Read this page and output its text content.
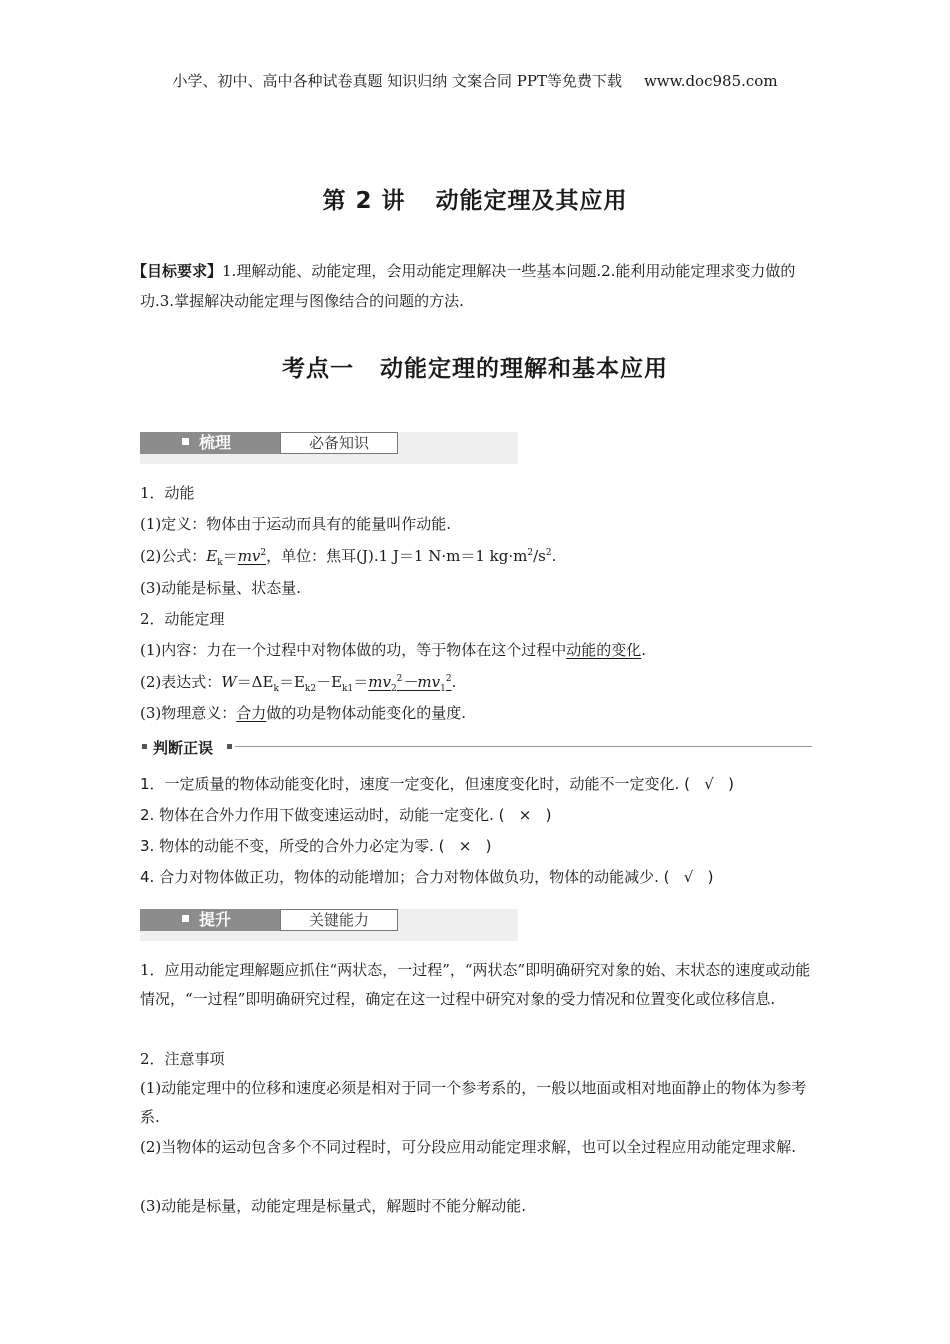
小学、初中、高中各种试卷真题 知识归纳 文案合同 PPT等免费下载 www.doc985.com
第 2 讲 动能定理及其应用
【目标要求】1.理解动能、动能定理，会用动能定理解决一些基本问题.2.能利用动能定理求变力做的功.3.掌握解决动能定理与图像结合的问题的方法.
考点一 动能定理的理解和基本应用
梳理	必备知识
1．动能
(1)定义：物体由于运动而具有的能量叫作动能.
(2)公式：$E_k=mv^2$，单位：焦耳(J).1 J＝1 N·m＝1 $kg\cdot m^2/s^2$.
(3)动能是标量、状态量.
2．动能定理
(1)内容：力在一个过程中对物体做的功，等于物体在这个过程中动能的变化.
(2)表达式：$W=\Delta E_k=E_{k2}-E_{k1}=mv_2^2-mv_1^2$.
(3)物理意义：合力做的功是物体动能变化的量度.
判断正误
1．一定质量的物体动能变化时，速度一定变化，但速度变化时，动能不一定变化. (   √   )
2. 物体在合外力作用下做变速运动时，动能一定变化. (   ×   )
3. 物体的动能不变，所受的合外力必定为零. (   ×   )
4. 合力对物体做正功，物体的动能增加；合力对物体做负功，物体的动能减少. (   √   )
提升	关键能力
1．应用动能定理解题应抓住“两状态，一过程”，“两状态”即明确研究对象的始、末状态的速度或动能情况，“一过程”即明确研究过程，确定在这一过程中研究对象的受力情况和位置变化或位移信息.
2．注意事项
(1)动能定理中的位移和速度必须是相对于同一个参考系的，一般以地面或相对地面静止的物体为参考系.
(2)当物体的运动包含多个不同过程时，可分段应用动能定理求解，也可以全过程应用动能定理求解.
(3)动能是标量，动能定理是标量式，解题时不能分解动能.
